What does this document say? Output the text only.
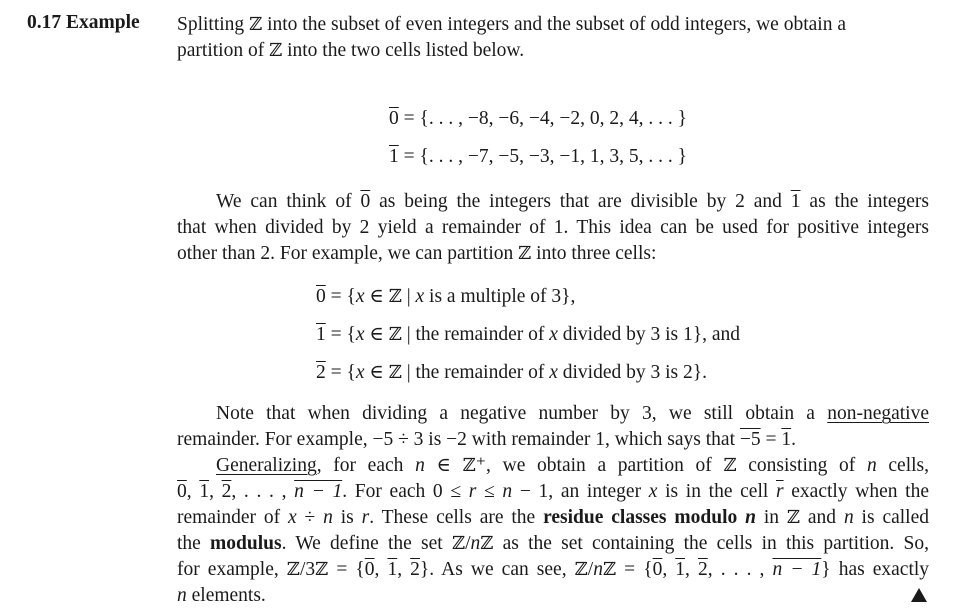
0.17 Example Splitting ℤ into the subset of even integers and the subset of odd integers, we obtain a
partition of ℤ into the two cells listed below.
0 = {. . . , −8, −6, −4, −2, 0, 2, 4, . . . }
1 = {. . . , −7, −5, −3, −1, 1, 3, 5, . . . }
We can think of 0 as being the integers that are divisible by 2 and 1 as the integers
that when divided by 2 yield a remainder of 1. This idea can be used for positive integers
other than 2. For example, we can partition ℤ into three cells:
0 = {x ∈ ℤ | x is a multiple of 3},
1 = {x ∈ ℤ | the remainder of x divided by 3 is 1}, and
2 = {x ∈ ℤ | the remainder of x divided by 3 is 2}.
Note that when dividing a negative number by 3, we still obtain a non-negative
remainder. For example, −5 ÷ 3 is −2 with remainder 1, which says that −5 = 1.
Generalizing, for each n ∈ ℤ⁺, we obtain a partition of ℤ consisting of n cells,
0, 1, 2, . . . , n − 1. For each 0 ≤ r ≤ n − 1, an integer x is in the cell $\overline{r}$ exactly when the
remainder of x ÷ n is r. These cells are the residue classes modulo n in ℤ and n is called
the modulus. We define the set ℤ/nℤ as the set containing the cells in this partition. So,
for example, ℤ/3ℤ = {0, 1, 2}. As we can see, ℤ/nℤ = {0, 1, 2, . . . , n − 1} has exactly
n elements.
